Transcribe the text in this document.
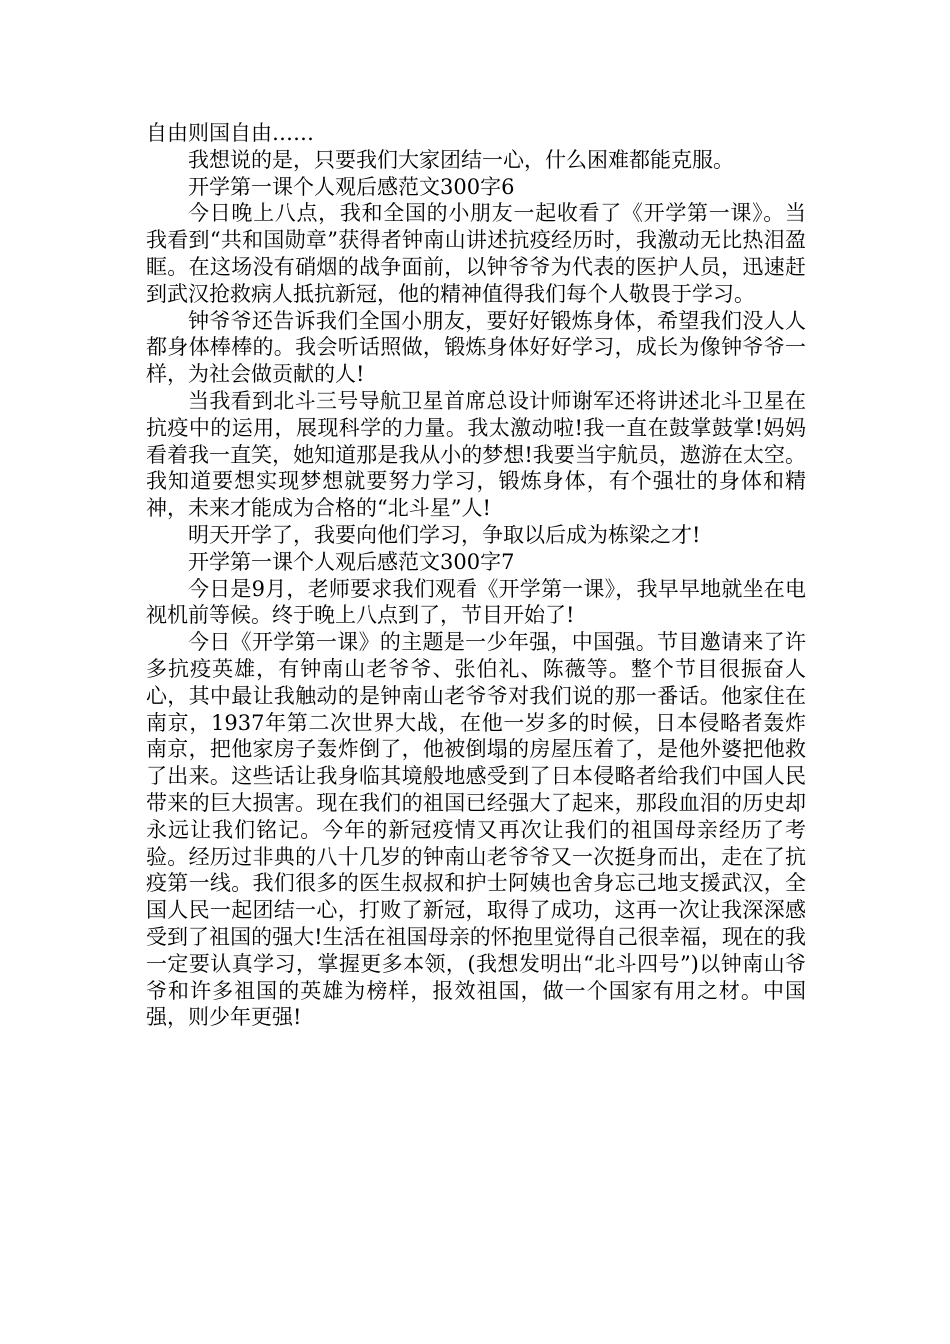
自由则国自由……

我想说的是，只要我们大家团结一心，什么困难都能克服。

开学第一课个人观后感范文300字6

今日晚上八点，我和全国的小朋友一起收看了《开学第一课》。当我看到“共和国勋章”获得者钟南山讲述抗疫经历时，我激动无比热泪盈眶。在这场没有硝烟的战争面前，以钟爷爷为代表的医护人员，迅速赶到武汉抢救病人抵抗新冠，他的精神值得我们每个人敬畏于学习。

钟爷爷还告诉我们全国小朋友，要好好锻炼身体，希望我们没人人都身体棒棒的。我会听话照做，锻炼身体好好学习，成长为像钟爷爷一样，为社会做贡献的人!

当我看到北斗三号导航卫星首席总设计师谢军还将讲述北斗卫星在抗疫中的运用，展现科学的力量。我太激动啦!我一直在鼓掌鼓掌!妈妈看着我一直笑，她知道那是我从小的梦想!我要当宇航员，遨游在太空。我知道要想实现梦想就要努力学习，锻炼身体，有个强壮的身体和精神，未来才能成为合格的“北斗星”人!

明天开学了，我要向他们学习，争取以后成为栋梁之才!

开学第一课个人观后感范文300字7

今日是9月，老师要求我们观看《开学第一课》，我早早地就坐在电视机前等候。终于晚上八点到了，节目开始了!

今日《开学第一课》的主题是一少年强，中国强。节目邀请来了许多抗疫英雄，有钟南山老爷爷、张伯礼、陈薇等。整个节目很振奋人心，其中最让我触动的是钟南山老爷爷对我们说的那一番话。他家住在南京，1937年第二次世界大战，在他一岁多的时候，日本侵略者轰炸南京，把他家房子轰炸倒了，他被倒塌的房屋压着了，是他外婆把他救了出来。这些话让我身临其境般地感受到了日本侵略者给我们中国人民带来的巨大损害。现在我们的祖国已经强大了起来，那段血泪的历史却永远让我们铭记。今年的新冠疫情又再次让我们的祖国母亲经历了考验。经历过非典的八十几岁的钟南山老爷爷又一次挺身而出，走在了抗疫第一线。我们很多的医生叔叔和护士阿姨也舍身忘己地支援武汉，全国人民一起团结一心，打败了新冠，取得了成功，这再一次让我深深感受到了祖国的强大!生活在祖国母亲的怀抱里觉得自己很幸福，现在的我一定要认真学习，掌握更多本领，(我想发明出“北斗四号”)以钟南山爷爷和许多祖国的英雄为榜样，报效祖国，做一个国家有用之材。中国强，则少年更强!
